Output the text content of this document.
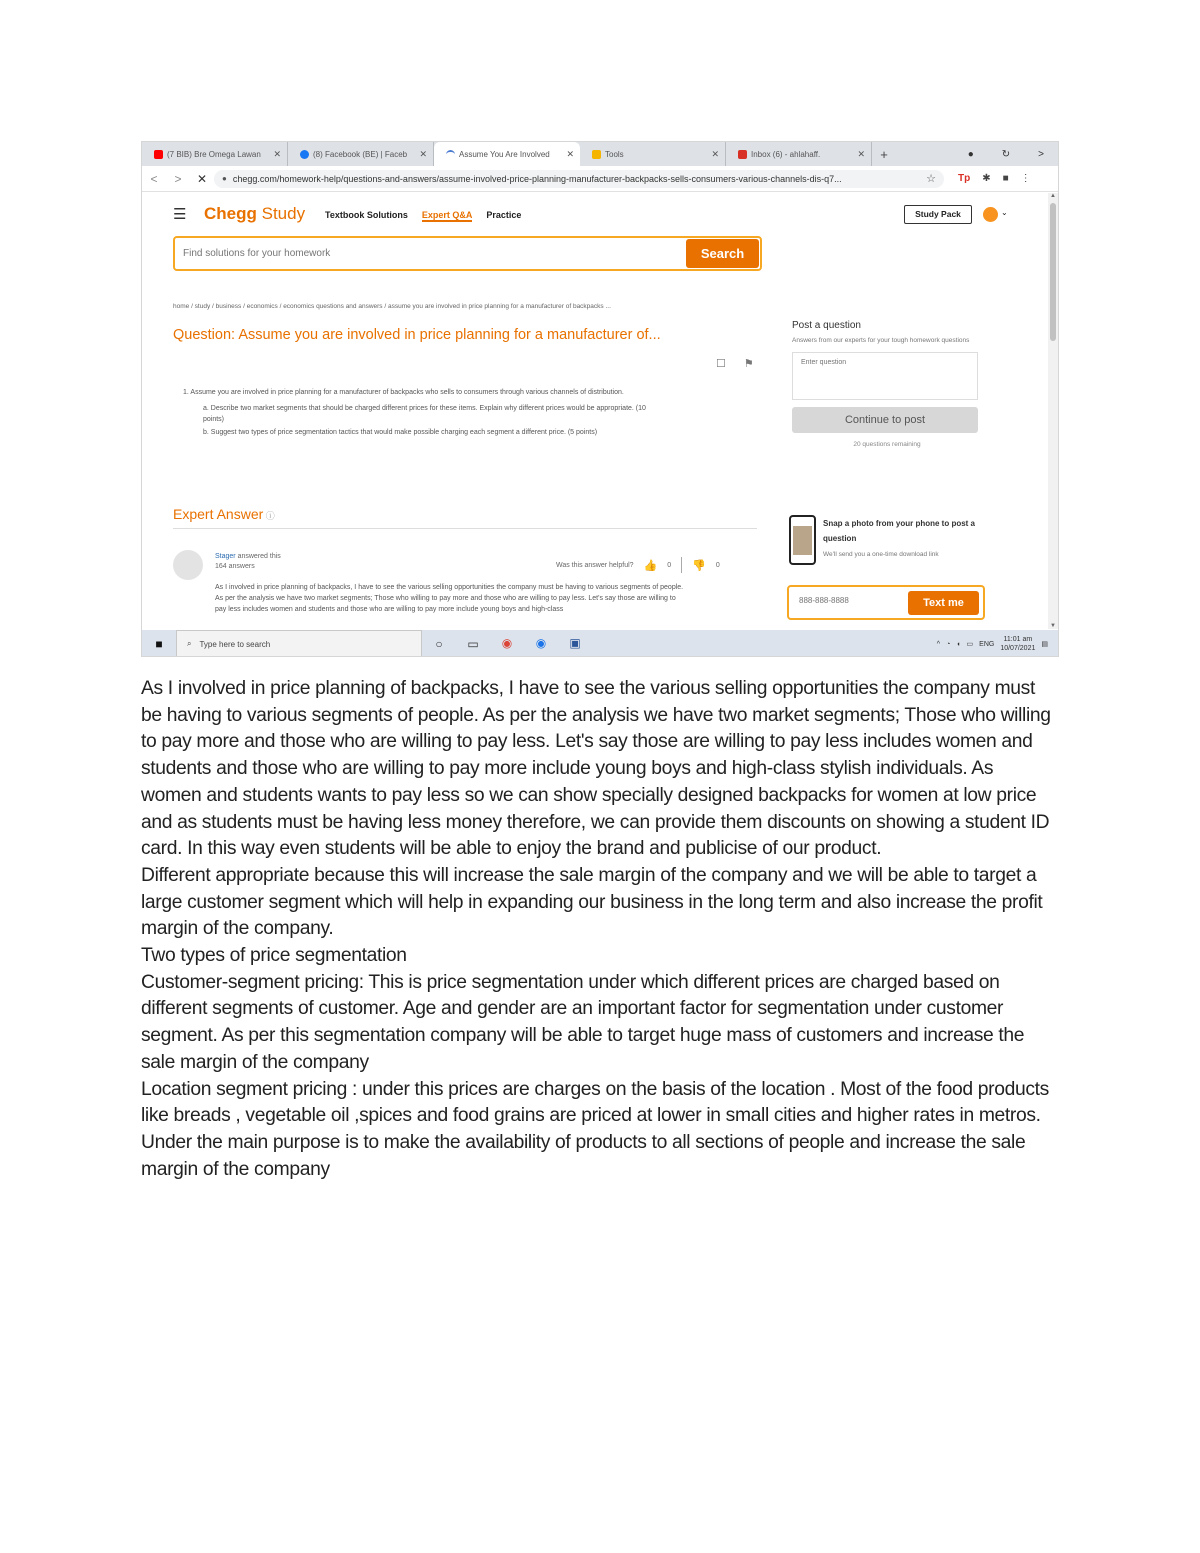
(7 BIB) Bre Omega Lawan	✕	(8) Facebook (BE) | Faceb	✕	Assume You Are Involved	✕	Tools	✕	Inbox (6) - ahlahaff.	✕	+	●	↻	>
<	>	✕	● chegg.com/homework-help/questions-and-answers/assume-involved-price-planning-manufacturer-backpacks-sells-consumers-various-channels-dis-q7...	☆ Tp ✱ ■ ⋮
☰ Chegg Study Textbook Solutions Expert Q&A Practice	Study Pack	⌄
Find solutions for your homework
Search
home / study / business / economics / economics questions and answers / assume you are involved in price planning for a manufacturer of backpacks ...
Question: Assume you are involved in price planning for a manufacturer of...
☐ ⚑
1. Assume you are involved in price planning for a manufacturer of backpacks who sells to consumers through various channels of distribution.
a. Describe two market segments that should be charged different prices for these items. Explain why different prices would be appropriate. (10 points)
b. Suggest two types of price segmentation tactics that would make possible charging each segment a different price. (5 points)
Expert Answer ⓘ
Stager answered this
164 answers	Was this answer helpful? 👍 0 👎 0
As I involved in price planning of backpacks, I have to see the various selling opportunities the company must be having to various segments of people. As per the analysis we have two market segments; Those who willing to pay more and those who are willing to pay less. Let's say those are willing to pay less includes women and students and those who are willing to pay more include young boys and high-class
Post a question
Answers from our experts for your tough homework questions
Enter question
Continue to post
20 questions remaining
Snap a photo from your phone to post a question
We'll send you a one-time download link
888-888-8888
Text me
▲
▼
■	⌕ Type here to search	○	▭	◉	◉	▣	^ ◔ ◖ ▭ ENG
11:01 am
10/07/2021
▤

As I involved in price planning of backpacks, I have to see the various selling opportunities the company must be having to various segments of people. As per the analysis we have two market segments; Those who willing to pay more and those who are willing to pay less. Let's say those are willing to pay less includes women and students and those who are willing to pay more include young boys and high-class stylish individuals. As women and students wants to pay less so we can show specially designed backpacks for women at low price and as students must be having less money therefore, we can provide them discounts on showing a student ID card. In this way even students will be able to enjoy the brand and publicise of our product.

Different appropriate because this will increase the sale margin of the company and we will be able to target a large customer segment which will help in expanding our business in the long term and also increase the profit margin of the company.

Two types of price segmentation

Customer-segment pricing: This is price segmentation under which different prices are charged based on different segments of customer. Age and gender are an important factor for segmentation under customer segment. As per this segmentation company will be able to target huge mass of customers and increase the sale margin of the company

Location segment pricing : under this prices are charges on the basis of the location . Most of the food products like breads , vegetable oil ,spices and food grains are priced at lower in small cities and higher rates in metros. Under the main purpose is to make the availability of products to all sections of people and increase the sale margin of the company
